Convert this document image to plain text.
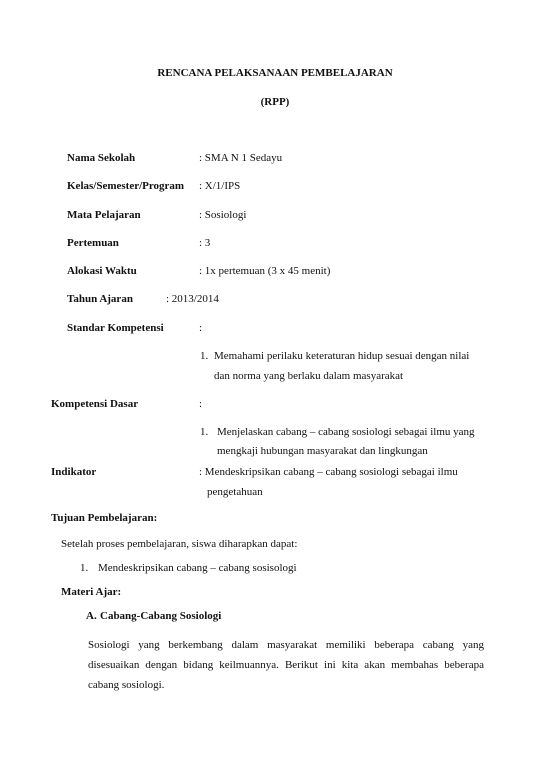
RENCANA PELAKSANAAN PEMBELAJARAN
(RPP)
Nama Sekolah	: SMA N 1 Sedayu
Kelas/Semester/Program : X/1/IPS
Mata Pelajaran	: Sosiologi
Pertemuan	: 3
Alokasi Waktu	: 1x pertemuan (3 x 45 menit)
Tahun Ajaran	: 2013/2014
Standar Kompetensi	:
1. Memahami perilaku keteraturan hidup sesuai dengan nilai
dan norma yang berlaku dalam masyarakat
Kompetensi Dasar	:
1. Menjelaskan cabang – cabang sosiologi sebagai ilmu yang
mengkaji hubungan masyarakat dan lingkungan
Indikator	: Mendeskripsikan cabang – cabang sosiologi sebagai ilmu
pengetahuan
Tujuan Pembelajaran:
Setelah proses pembelajaran, siswa diharapkan dapat:
1. Mendeskripsikan cabang – cabang sosisologi
Materi Ajar:
A. Cabang-Cabang Sosiologi
Sosiologi yang berkembang dalam masyarakat memiliki beberapa cabang yang disesuaikan dengan bidang keilmuannya. Berikut ini kita akan membahas beberapa cabang sosiologi.
